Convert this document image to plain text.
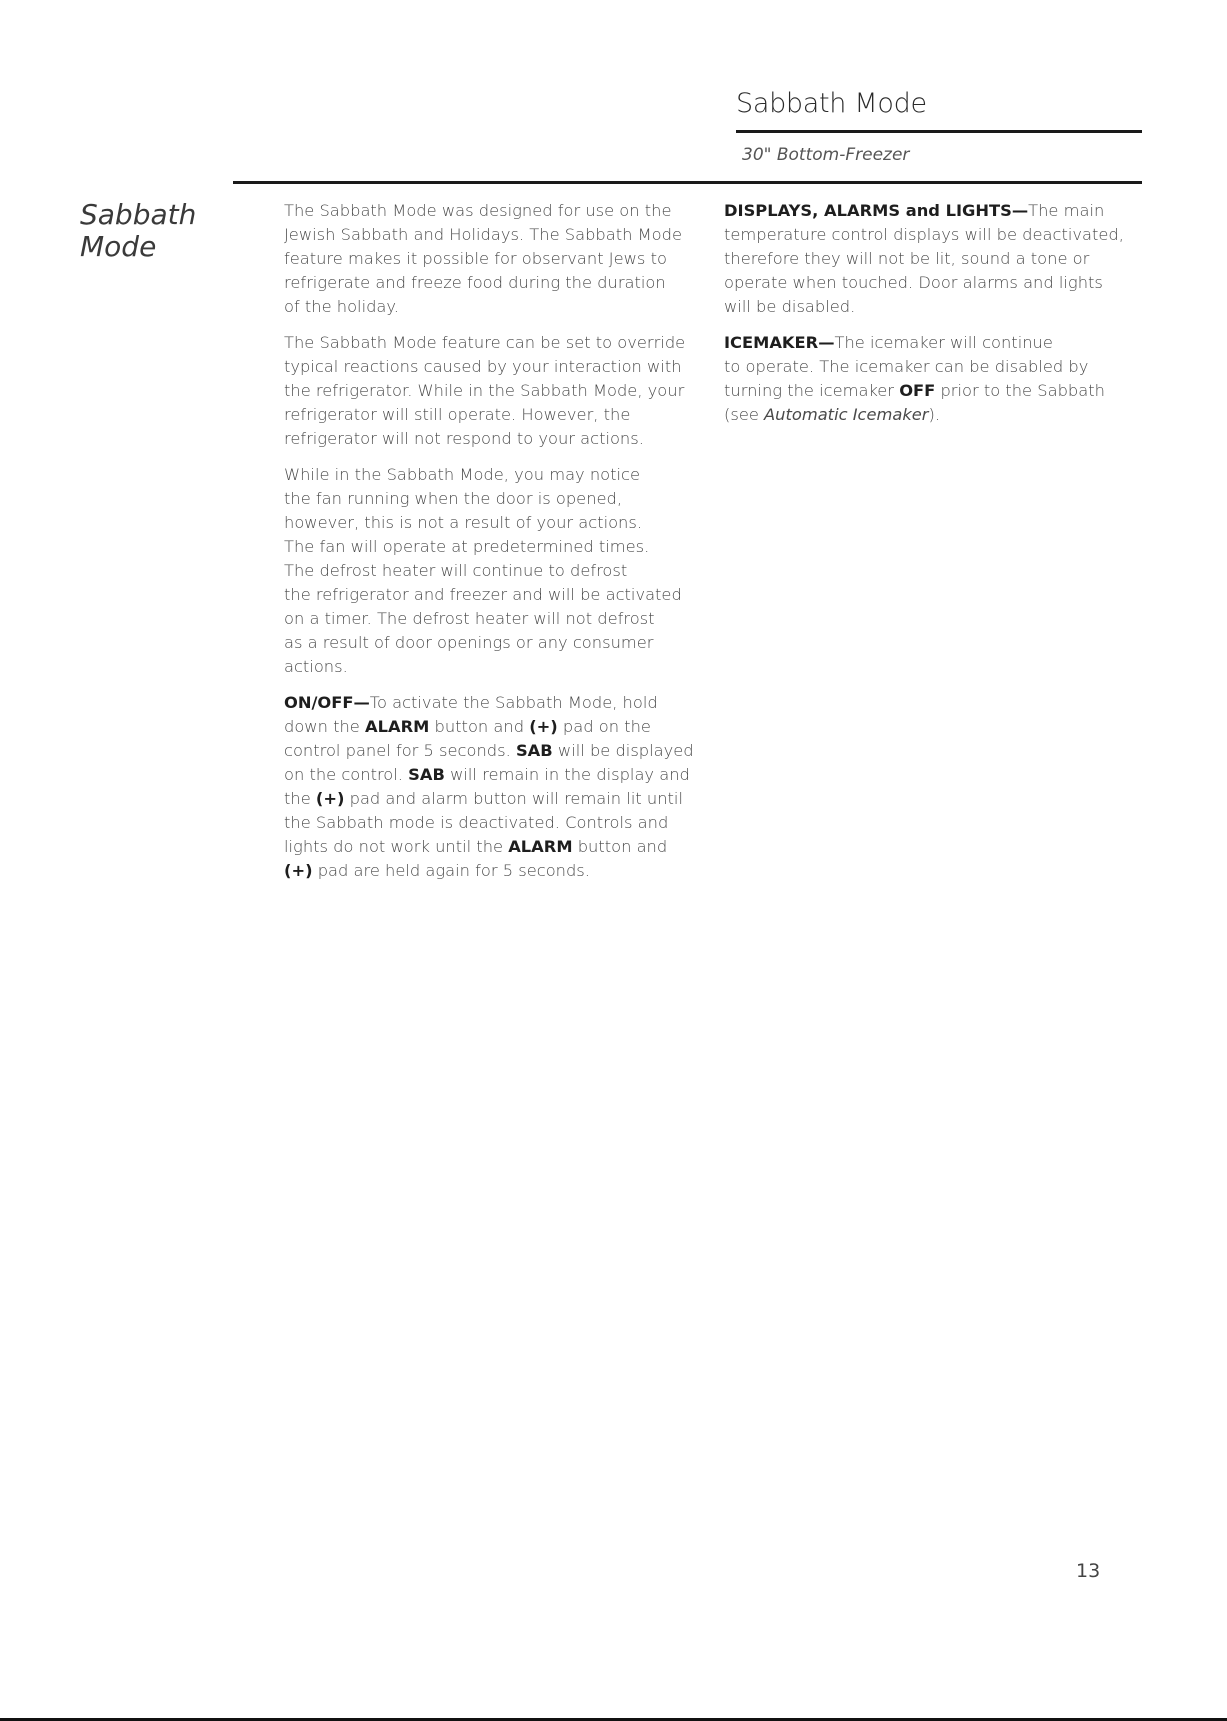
Sabbath Mode
30" Bottom-Freezer
Sabbath
Mode
The Sabbath Mode was designed for use on the
Jewish Sabbath and Holidays. The Sabbath Mode
feature makes it possible for observant Jews to
refrigerate and freeze food during the duration
of the holiday.
The Sabbath Mode feature can be set to override
typical reactions caused by your interaction with
the refrigerator. While in the Sabbath Mode, your
refrigerator will still operate. However, the
refrigerator will not respond to your actions.
While in the Sabbath Mode, you may notice
the fan running when the door is opened,
however, this is not a result of your actions.
The fan will operate at predetermined times.
The defrost heater will continue to defrost
the refrigerator and freezer and will be activated
on a timer. The defrost heater will not defrost
as a result of door openings or any consumer
actions.
ON/OFF—To activate the Sabbath Mode, hold
down the ALARM button and (+) pad on the
control panel for 5 seconds. SAB will be displayed
on the control. SAB will remain in the display and
the (+) pad and alarm button will remain lit until
the Sabbath mode is deactivated. Controls and
lights do not work until the ALARM button and
(+) pad are held again for 5 seconds.
DISPLAYS, ALARMS and LIGHTS—The main
temperature control displays will be deactivated,
therefore they will not be lit, sound a tone or
operate when touched. Door alarms and lights
will be disabled.
ICEMAKER—The icemaker will continue
to operate. The icemaker can be disabled by
turning the icemaker OFF prior to the Sabbath
(see Automatic Icemaker).
13
